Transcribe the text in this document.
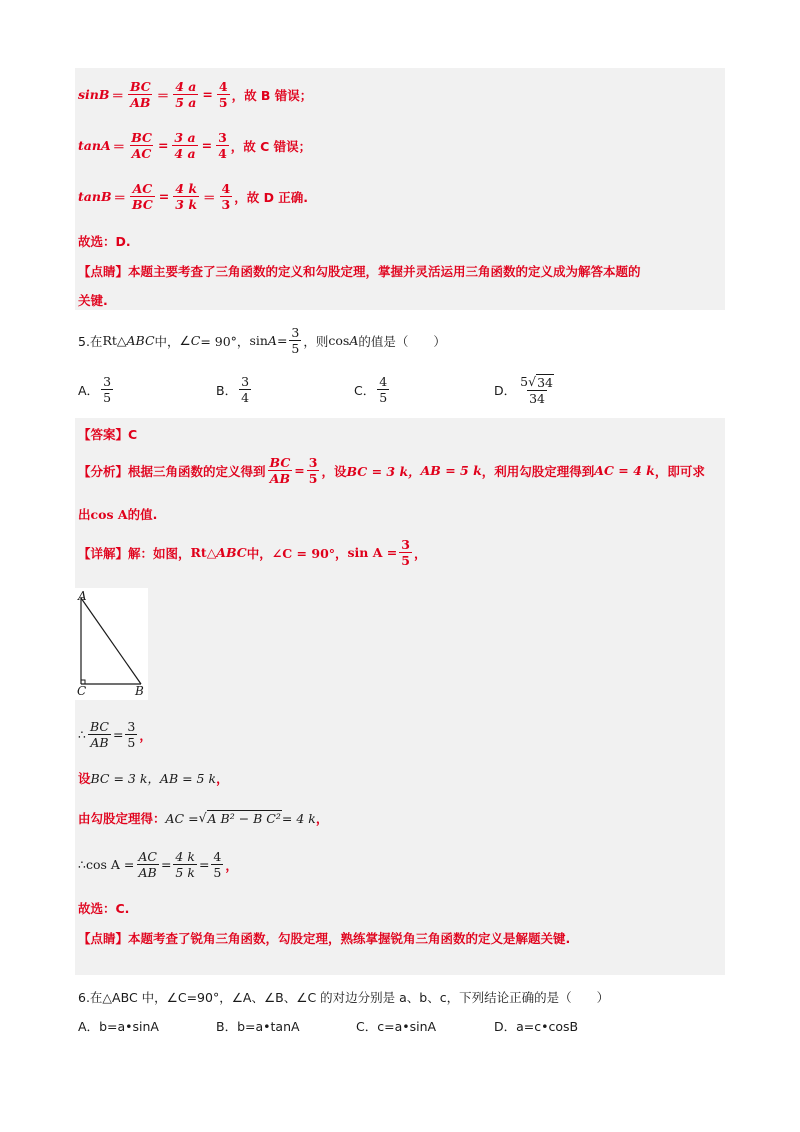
$\sin B = \frac{BC}{AB} = \frac{4 a}{5 a} = \frac{4}{5}$ ，故 B 错误；
$\tan A = \frac{BC}{AC} = \frac{3 a}{4 a} = \frac{3}{4}$ ，故 C 错误；
$\tan B = \frac{AC}{BC} = \frac{4 k}{3 k} = \frac{4}{3}$ ，故 D 正确.
故选：D.
【点睛】本题主要考查了三角函数的定义和勾股定理，掌握并灵活运用三角函数的定义成为解答本题的
关键.
5.在 Rt △ ABC 中， ∠ C = 90°， $\sin A = \frac{3}{5}$ ，则 cos A 的值是（　　）
A． $\frac{3}{5}$	B． $\frac{3}{4}$	C． $\frac{4}{5}$	D． $\frac{5√ 34}{34}$
【答案】C
【分析】根据三角函数的定义得到 $\frac{BC}{AB} = \frac{3}{5}$ ，设 BC = 3 k， AB = 5 k ，利用勾股定理得到 AC = 4 k ，即可求
出 cos A 的值.
【详解】解：如图， Rt △ABC 中， ∠C = 90°， $\sin A = \frac{3}{5}$ ，
A
C	B
∴ $\frac{BC}{AB} = \frac{3}{5}$ ，
设 BC = 3 k， AB = 5 k ，
由勾股定理得： AC = √ A B² − B C² = 4 k ，
∴ $\cos A = \frac{AC}{AB} = \frac{4 k}{5 k} = \frac{4}{5}$ ，
故选：C.
【点睛】本题考查了锐角三角函数，勾股定理，熟练掌握锐角三角函数的定义是解题关键.
6.在△ABC 中，∠C=90°，∠A、∠B、∠C 的对边分别是 a、b、c，下列结论正确的是（　　）
A． b=a•sinA	B． b=a•tanA	C． c=a•sinA	D． a=c•cosB
